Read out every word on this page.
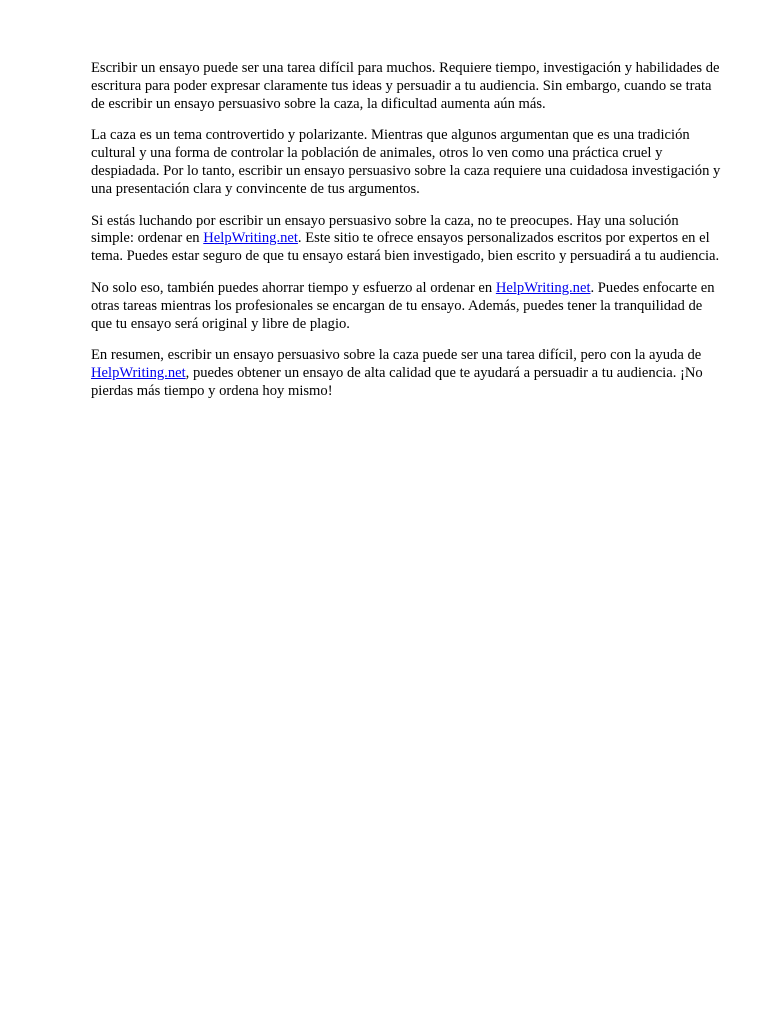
Escribir un ensayo puede ser una tarea difícil para muchos. Requiere tiempo, investigación y habilidades de escritura para poder expresar claramente tus ideas y persuadir a tu audiencia. Sin embargo, cuando se trata de escribir un ensayo persuasivo sobre la caza, la dificultad aumenta aún más.

La caza es un tema controvertido y polarizante. Mientras que algunos argumentan que es una tradición cultural y una forma de controlar la población de animales, otros lo ven como una práctica cruel y despiadada. Por lo tanto, escribir un ensayo persuasivo sobre la caza requiere una cuidadosa investigación y una presentación clara y convincente de tus argumentos.

Si estás luchando por escribir un ensayo persuasivo sobre la caza, no te preocupes. Hay una solución simple: ordenar en HelpWriting.net. Este sitio te ofrece ensayos personalizados escritos por expertos en el tema. Puedes estar seguro de que tu ensayo estará bien investigado, bien escrito y persuadirá a tu audiencia.

No solo eso, también puedes ahorrar tiempo y esfuerzo al ordenar en HelpWriting.net. Puedes enfocarte en otras tareas mientras los profesionales se encargan de tu ensayo. Además, puedes tener la tranquilidad de que tu ensayo será original y libre de plagio.

En resumen, escribir un ensayo persuasivo sobre la caza puede ser una tarea difícil, pero con la ayuda de HelpWriting.net, puedes obtener un ensayo de alta calidad que te ayudará a persuadir a tu audiencia. ¡No pierdas más tiempo y ordena hoy mismo!
